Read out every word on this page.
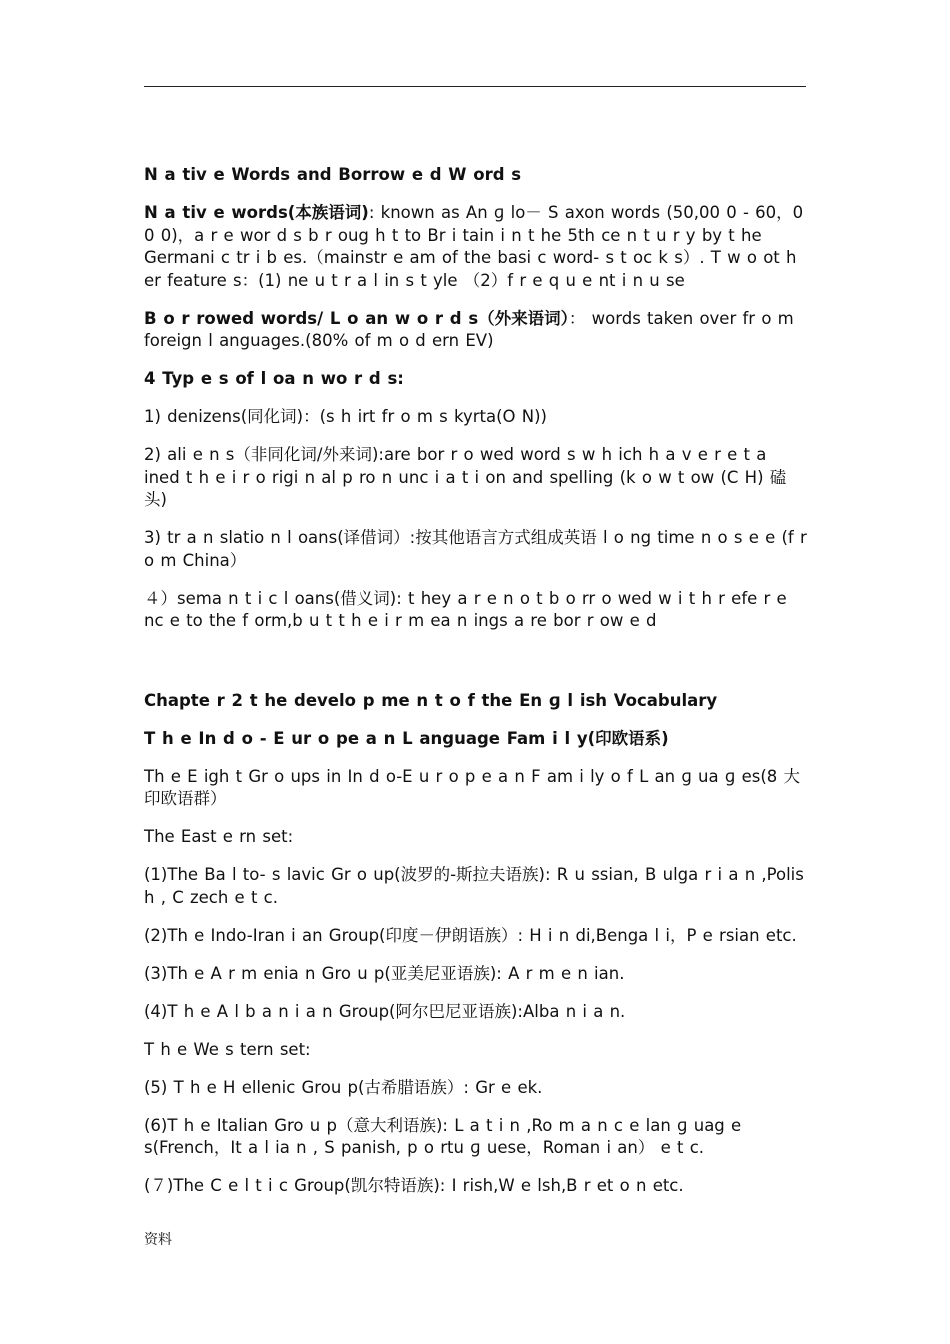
N a tiv e Words and Borrow e d W ord s

N a tiv e words(本族语词): known as An ɡ lo－ S axon words (50,00 0 - 60，0 0 0)，a r e wor d s b r oug h t to Br i tain i n t he 5th ce n t u r y by t he Germani c tr i b es.（mainstr e am of the basi c word- s t oc k s）. T w o ot h er feature s：(1) ne u t r a l in s t yle （2）f r e q u e nt i n u se

B o r rowed words/ L o an w o r d s（外来语词）： words taken over fr o m foreign l anguages.(80% of m o d ern EV)

4 Typ e s of l oa n wo r d s:

1) denizens(同化词)：(s h irt fr o m s kyrta(O N))

2) ali e n s（非同化词/外来词):are bor r o wed word s w h ich h a v e r e t a ined t h e i r o rigi n al p ro n unc i a t i on and spelling (k o w t ow (C H) 磕头)

3) tr a n slatio n l oans(译借词）:按其他语言方式组成英语 l o ng time n o s e e (f r o m China）

４）sema n t i c l oans(借义词): t hey a r e n o t b o rr o wed w i t h r efe r e nc e to the f orm,b u t t h e i r m ea n ings a re bor r ow e d

Chapte r 2 t he develo p me n t o f the En ɡ l ish Vocabulary

T h e In d o - E ur o pe a n L anguage Fam i l y(印欧语系)

Th e E igh t Gr o ups in In d o-E u r o p e a n F am i ly o f L an ɡ ua ɡ es(8 大印欧语群）

The East e rn set:

(1)The Ba l to- s lavic Gr o up(波罗的-斯拉夫语族): R u ssian, B ulga r i a n ,Polis h , C zech e t c.

(2)Th e Indo-Iran i an Group(印度－伊朗语族）: H i n di,Benga l i，P e rsian etc.

(3)Th e A r m enia n Gro u p(亚美尼亚语族): A r m e n ian.

(4)T h e A l b a n i a n Group(阿尔巴尼亚语族):Alba n i a n.

T h e We s tern set:

(5) T h e H ellenic Grou p(古希腊语族）: Gr e ek.

(6)T h e Italian Gro u p（意大利语族): L a t i n ,Ro m a n c e lan ɡ uag e s(French，It a l ia n , S panish, p o rtu ɡ uese，Roman i an） e t c.

(７)The C e l t i c Group(凯尔特语族): I rish,W e lsh,B r et o n etc.

资料
